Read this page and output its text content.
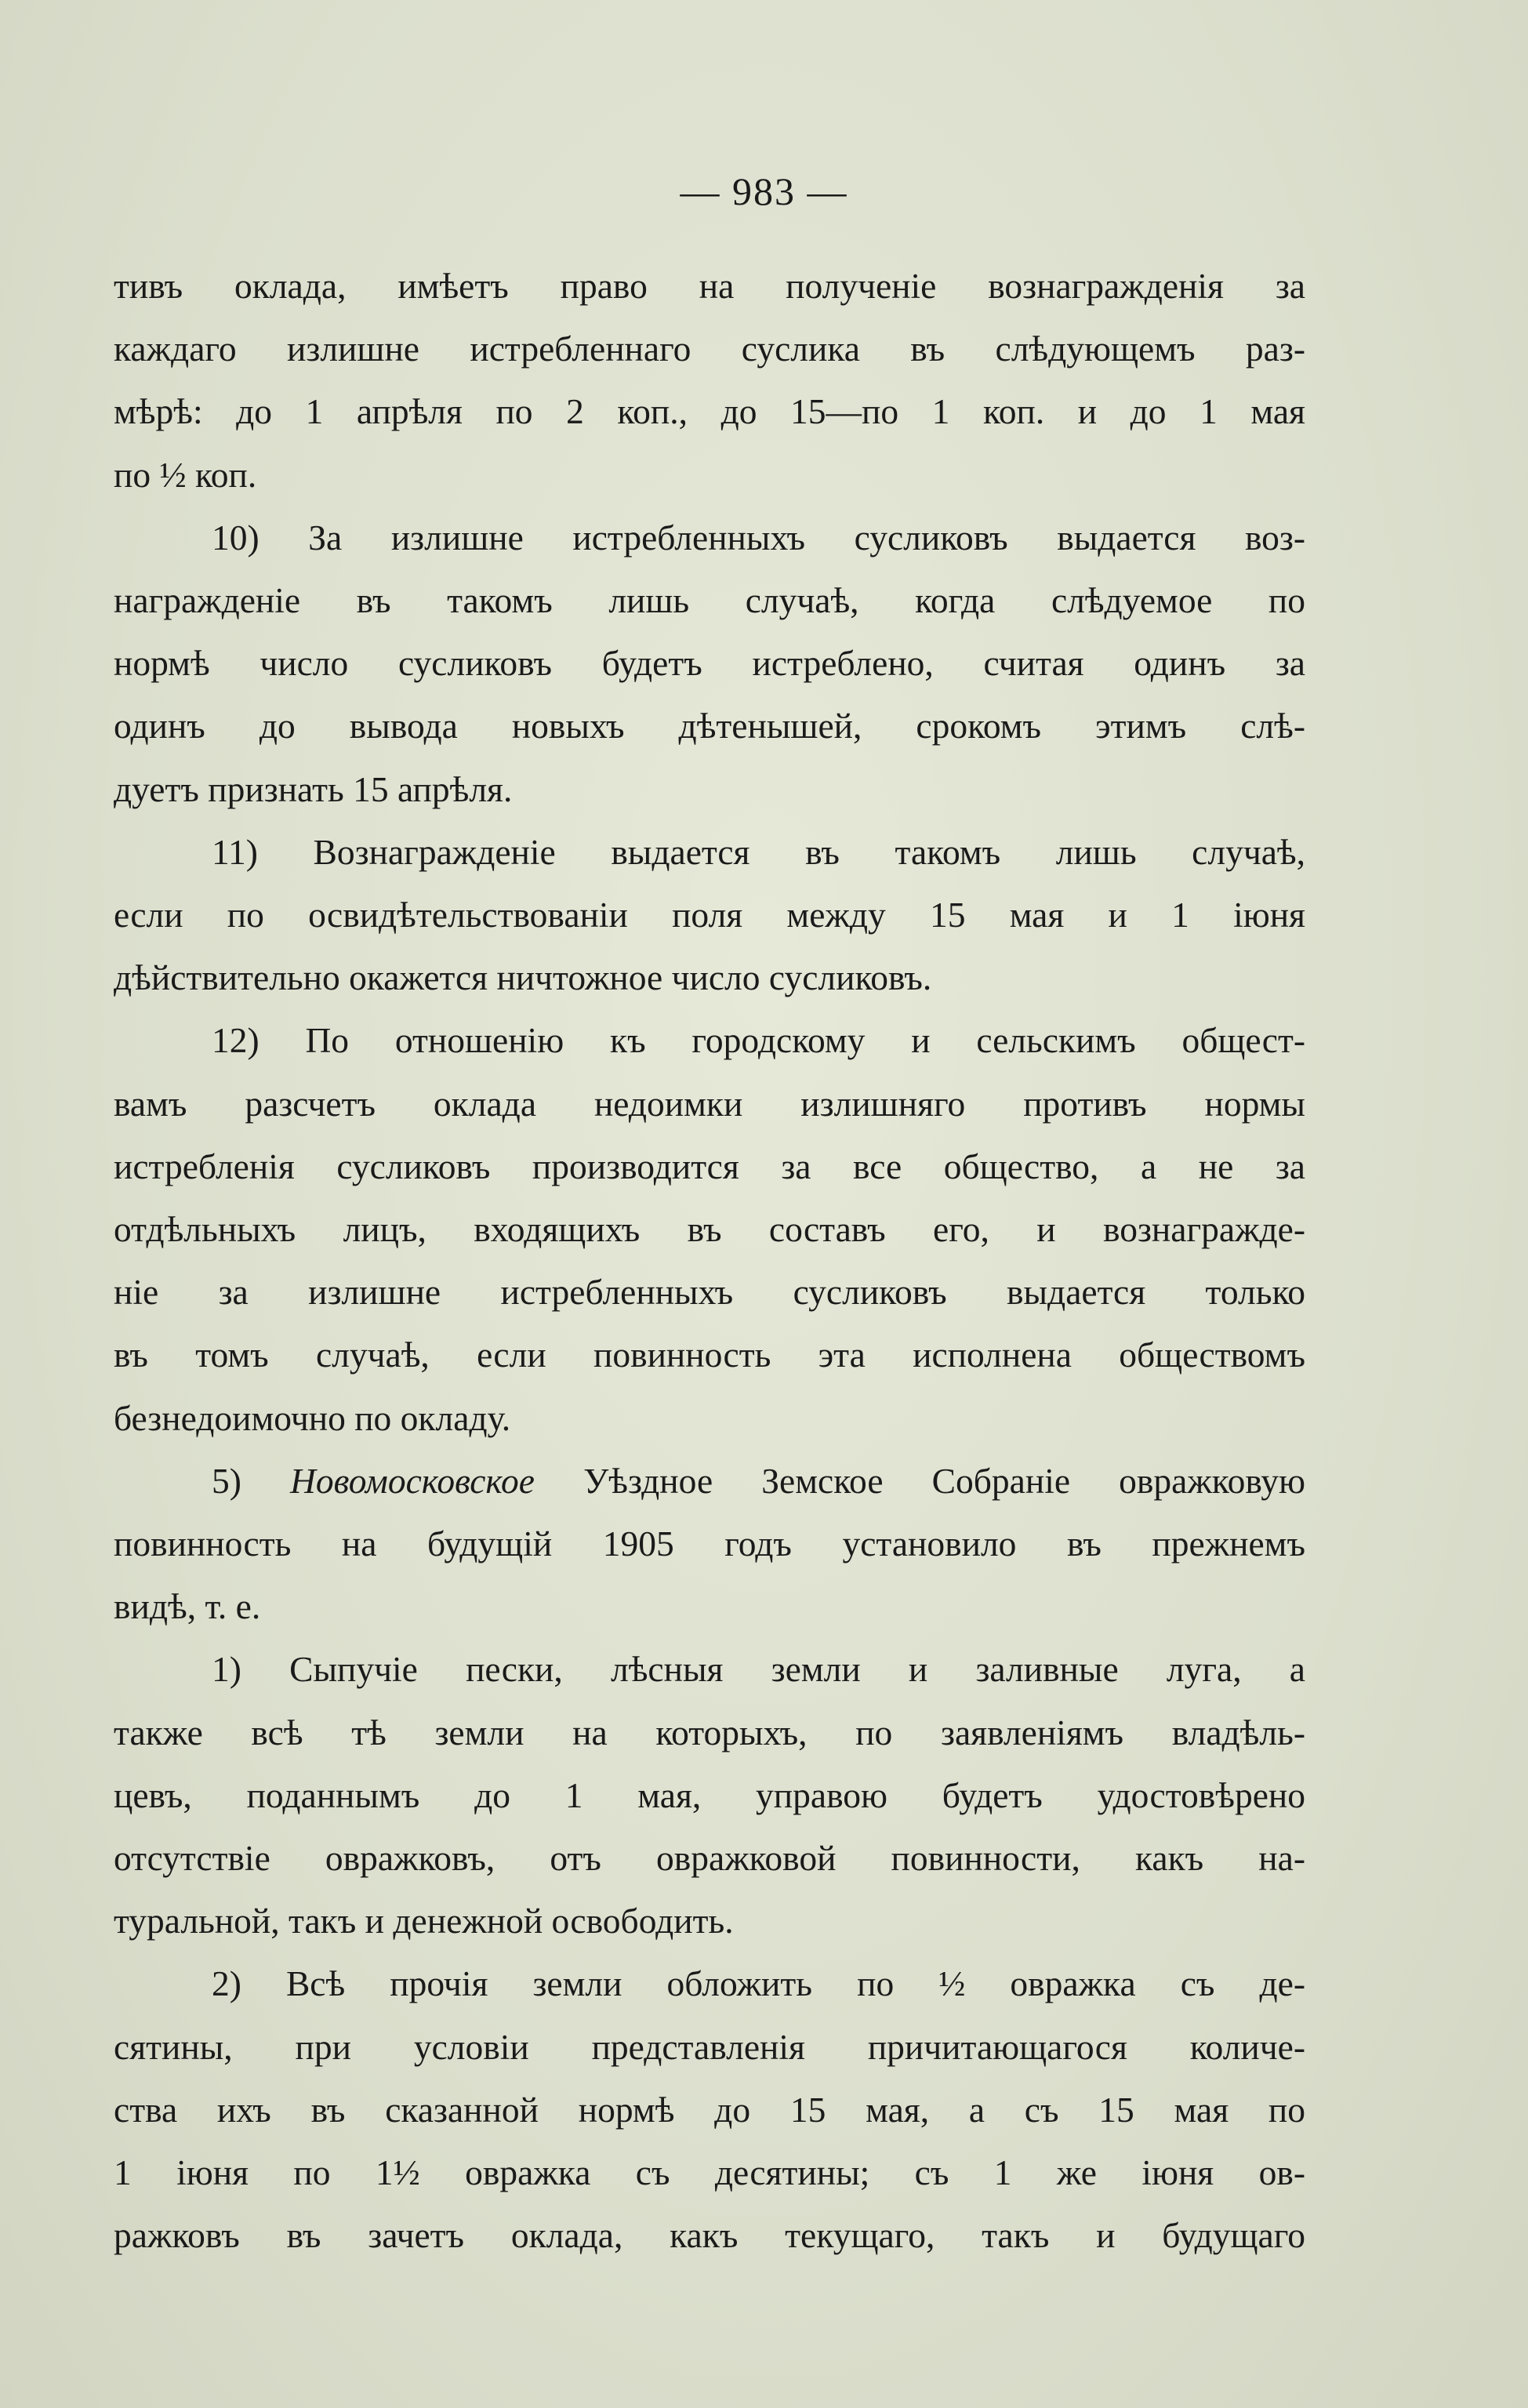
— 983 —
тивъ оклада, имѣетъ право на полученіе вознагражденія за
каждаго излишне истребленнаго суслика въ слѣдующемъ раз-
мѣрѣ: до 1 апрѣля по 2 коп., до 15—по 1 коп. и до 1 мая
по ½ коп.
10) За излишне истребленныхъ сусликовъ выдается воз-
награжденіе въ такомъ лишь случаѣ, когда слѣдуемое по
нормѣ число сусликовъ будетъ истреблено, считая одинъ за
одинъ до вывода новыхъ дѣтенышей, срокомъ этимъ слѣ-
дуетъ признать 15 апрѣля.
11) Вознагражденіе выдается въ такомъ лишь случаѣ,
если по освидѣтельствованіи поля между 15 мая и 1 іюня
дѣйствительно окажется ничтожное число сусликовъ.
12) По отношенію къ городскому и сельскимъ общест-
вамъ разсчетъ оклада недоимки излишняго противъ нормы
истребленія сусликовъ производится за все общество, а не за
отдѣльныхъ лицъ, входящихъ въ составъ его, и вознагражде-
ніе за излишне истребленныхъ сусликовъ выдается только
въ томъ случаѣ, если повинность эта исполнена обществомъ
безнедоимочно по окладу.
5) Новомосковское Уѣздное Земское Собраніе овражковую
повинность на будущій 1905 годъ установило въ прежнемъ
видѣ, т. е.
1) Сыпучіе пески, лѣсныя земли и заливные луга, а
также всѣ тѣ земли на которыхъ, по заявленіямъ владѣль-
цевъ, поданнымъ до 1 мая, управою будетъ удостовѣрено
отсутствіе овражковъ, отъ овражковой повинности, какъ на-
туральной, такъ и денежной освободить.
2) Всѣ прочія земли обложить по ½ овражка съ де-
сятины, при условіи представленія причитающагося количе-
ства ихъ въ сказанной нормѣ до 15 мая, а съ 15 мая по
1 іюня по 1½ овражка съ десятины; съ 1 же іюня ов-
ражковъ въ зачетъ оклада, какъ текущаго, такъ и будущаго
